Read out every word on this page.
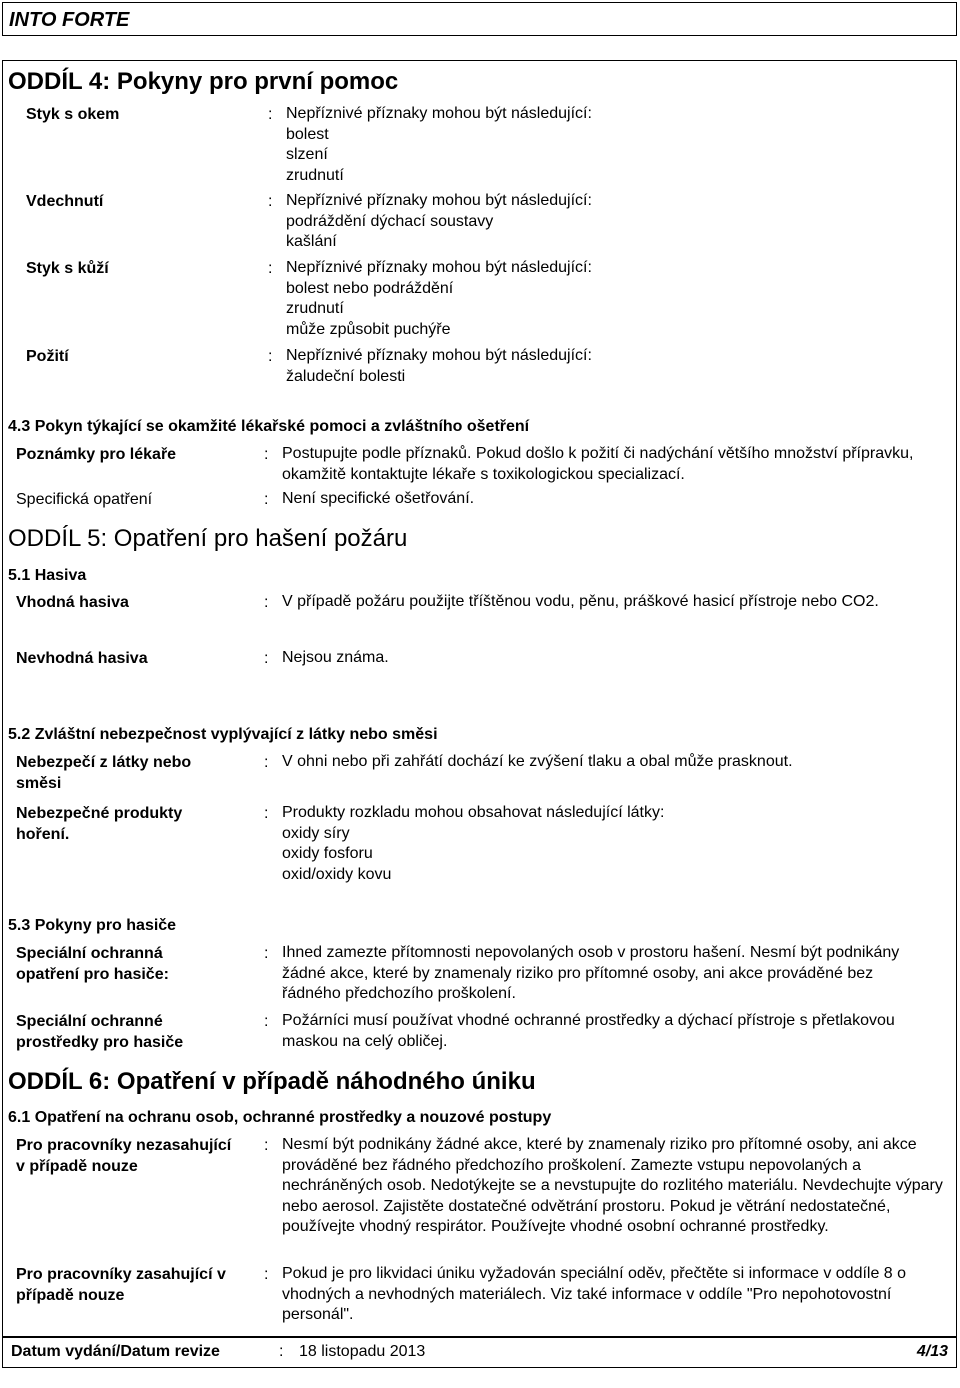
INTO FORTE
ODDÍL 4: Pokyny pro první pomoc
Styk s okem	: Nepříznivé příznaky mohou být následující:
bolest
slzení
zrudnutí
Vdechnutí	: Nepříznivé příznaky mohou být následující:
podráždění dýchací soustavy
kašlání
Styk s kůží	: Nepříznivé příznaky mohou být následující:
bolest nebo podráždění
zrudnutí
může způsobit puchýře
Požití	: Nepříznivé příznaky mohou být následující:
žaludeční bolesti
4.3 Pokyn týkající se okamžité lékařské pomoci a zvláštního ošetření
Poznámky pro lékaře	: Postupujte podle příznaků. Pokud došlo k požití či nadýchání většího množství přípravku, okamžitě kontaktujte lékaře s toxikologickou specializací.
Specifická opatření	: Není specifické ošetřování.
ODDÍL 5: Opatření pro hašení požáru
5.1 Hasiva
Vhodná hasiva	: V případě požáru použijte tříštěnou vodu, pěnu, práškové hasicí přístroje nebo CO2.
Nevhodná hasiva	: Nejsou známa.
5.2 Zvláštní nebezpečnost vyplývající z látky nebo směsi
Nebezpečí z látky nebo směsi
: V ohni nebo při zahřátí dochází ke zvýšení tlaku a obal může prasknout.
Nebezpečné produkty hoření.
: Produkty rozkladu mohou obsahovat následující látky:
oxidy síry
oxidy fosforu
oxid/oxidy kovu
5.3 Pokyny pro hasiče
Speciální ochranná opatření pro hasiče:
: Ihned zamezte přítomnosti nepovolaných osob v prostoru hašení. Nesmí být podnikány žádné akce, které by znamenaly riziko pro přítomné osoby, ani akce prováděné bez řádného předchozího proškolení.
Speciální ochranné prostředky pro hasiče
: Požárníci musí používat vhodné ochranné prostředky a dýchací přístroje s přetlakovou maskou na celý obličej.
ODDÍL 6: Opatření v případě náhodného úniku
6.1 Opatření na ochranu osob, ochranné prostředky a nouzové postupy
Pro pracovníky nezasahující v případě nouze
: Nesmí být podnikány žádné akce, které by znamenaly riziko pro přítomné osoby, ani akce prováděné bez řádného předchozího proškolení. Zamezte vstupu nepovolaných a nechráněných osob. Nedotýkejte se a nevstupujte do rozlitého materiálu. Nevdechujte výpary nebo aerosol. Zajistěte dostatečné odvětrání prostoru. Pokud je větrání nedostatečné, používejte vhodný respirátor. Používejte vhodné osobní ochranné prostředky.
Pro pracovníky zasahující v případě nouze
: Pokud je pro likvidaci úniku vyžadován speciální oděv, přečtěte si informace v oddíle 8 o vhodných a nevhodných materiálech. Viz také informace v oddíle "Pro nepohotovostní personál".
Datum vydání/Datum revize	: 18 listopadu 2013	4/13
